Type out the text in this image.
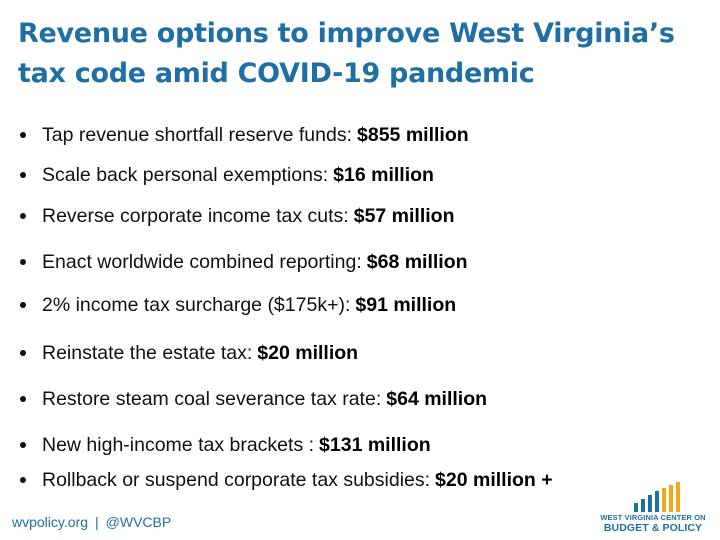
Revenue options to improve West Virginia’s
tax code amid COVID-19 pandemic
Tap revenue shortfall reserve funds: $855 million
Scale back personal exemptions: $16 million
Reverse corporate income tax cuts: $57 million
Enact worldwide combined reporting: $68 million
2% income tax surcharge ($175k+): $91 million
Reinstate the estate tax: $20 million
Restore steam coal severance tax rate: $64 million
New high-income tax brackets : $131 million
Rollback or suspend corporate tax subsidies: $20 million +
wvpolicy.org | @WVCBP	WEST VIRGINIA CENTER ON
BUDGET & POLICY
